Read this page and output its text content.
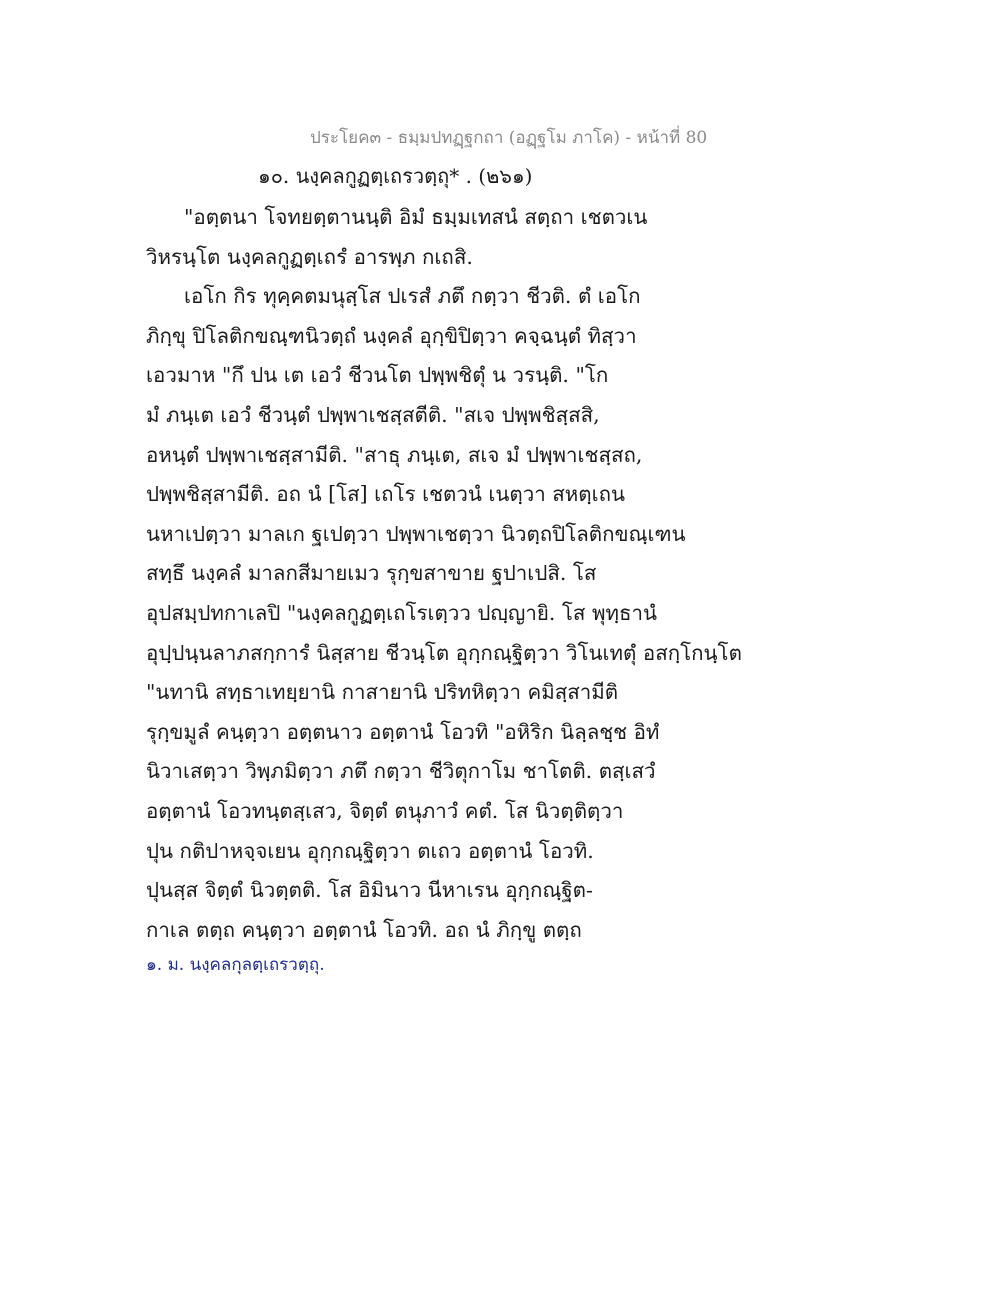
ประโยค๓ - ธมฺมปทฏฺฐกถา (อฏฺฐโม ภาโค) - หน้าที่ 80
๑๐. นงฺคลกูฏตฺเถรวตฺถุ* . (๒๖๑)
"อตฺตนา โจทยตฺตานนฺติ อิมํ ธมฺมเทสนํ สตฺถา เชตวเน
วิหรนฺโต นงฺคลกูฏตฺเถรํ อารพฺภ กเถสิ.
เอโก กิร ทุคฺคตมนุสฺโส ปเรสํ ภตึ กตฺวา ชีวติ. ตํ เอโก
ภิกฺขุ ปิโลติกขณฺฑนิวตฺถํ นงฺคลํ อุกฺขิปิตฺวา คจฺฉนฺตํ ทิสฺวา
เอวมาห "กึ ปน เต เอวํ ชีวนโต ปพฺพชิตุํ น วรนฺติ. "โก
มํ ภนฺเต เอวํ ชีวนฺตํ ปพฺพาเชสฺสตีติ. "สเจ ปพฺพชิสฺสสิ,
อหนฺตํ ปพฺพาเชสฺสามีติ. "สาธุ ภนฺเต, สเจ มํ ปพฺพาเชสฺสถ,
ปพฺพชิสฺสามีติ. อถ นํ [โส] เถโร เชตวนํ เนตฺวา สหตฺเถน
นหาเปตฺวา มาลเก ฐเปตฺวา ปพฺพาเชตฺวา นิวตฺถปิโลติกขณฺเฑน
สทฺธึ นงฺคลํ มาลกสีมายเมว รุกฺขสาขาย ฐปาเปสิ. โส
อุปสมฺปทกาเลปิ "นงฺคลกูฏตฺเถโรเตฺวว ปญฺญายิ. โส พุทฺธานํ
อุปฺปนฺนลาภสกฺการํ นิสฺสาย ชีวนฺโต อุกฺกณฺฐิตฺวา วิโนเทตุํ อสกฺโกนฺโต
"นทานิ สทฺธาเทยฺยานิ กาสายานิ ปริทหิตฺวา คมิสฺสามีติ
รุกฺขมูลํ คนฺตฺวา อตฺตนาว อตฺตานํ โอวทิ "อหิริก นิลฺลชฺช อิทํ
นิวาเสตฺวา วิพฺภมิตฺวา ภตึ กตฺวา ชีวิตุกาโม ชาโตติ. ตสฺเสวํ
อตฺตานํ โอวทนฺตสฺเสว, จิตฺตํ ตนุภาวํ คตํ. โส นิวตฺติตฺวา
ปุน กติปาหจฺจเยน อุกฺกณฺฐิตฺวา ตเถว อตฺตานํ โอวทิ.
ปุนสฺส จิตฺตํ นิวตฺตติ. โส อิมินาว นีหาเรน อุกฺกณฺฐิต-
กาเล ตตฺถ คนฺตฺวา อตฺตานํ โอวทิ. อถ นํ ภิกฺขู ตตฺถ
๑. ม. นงฺคลกุลตฺเถรวตฺถุ.
